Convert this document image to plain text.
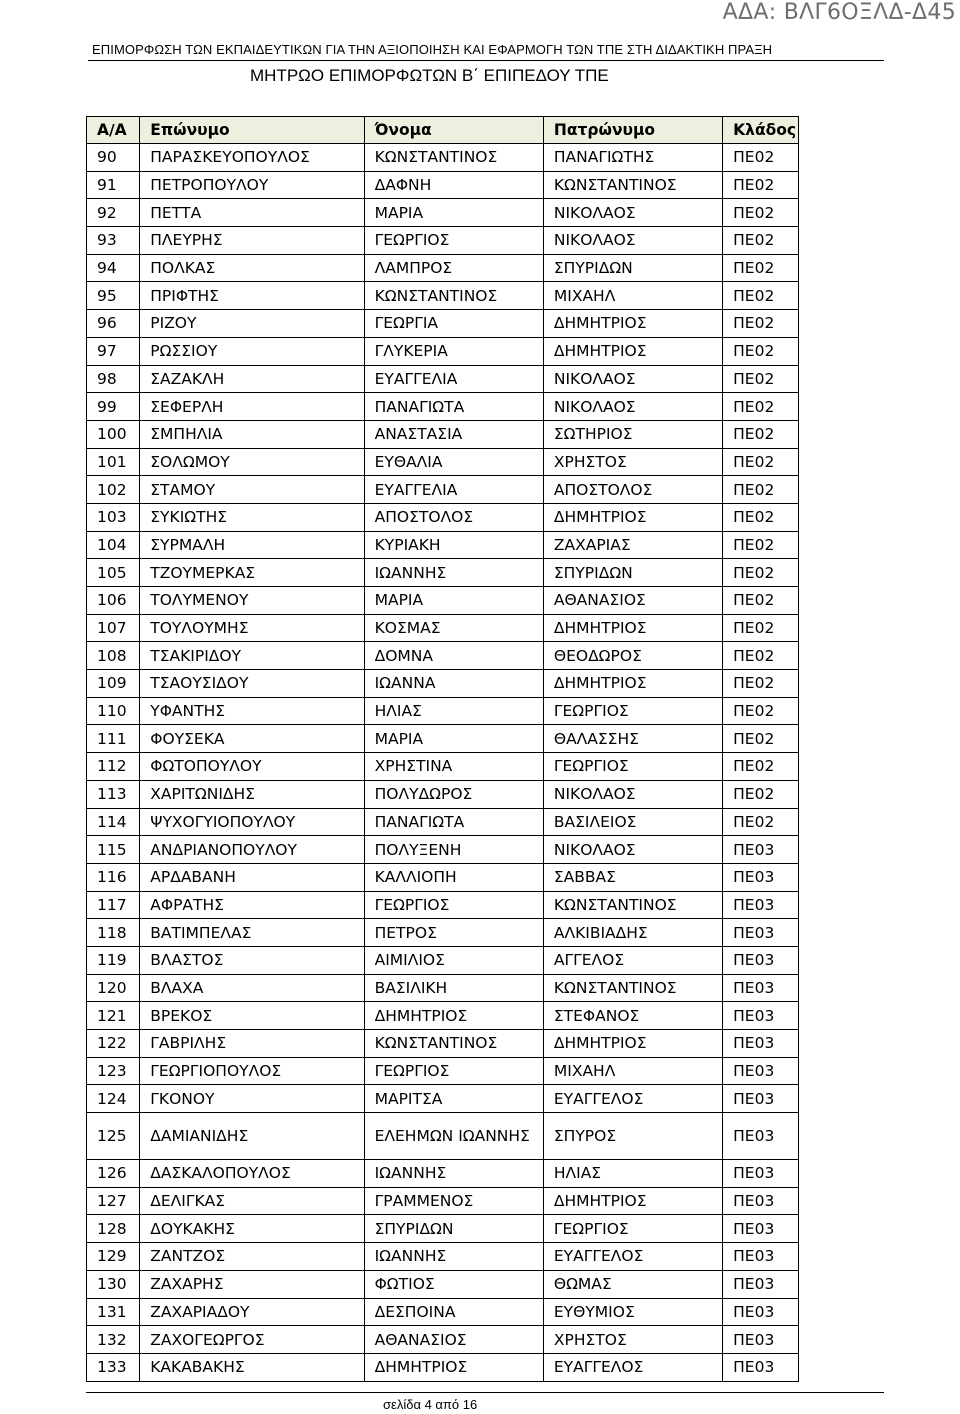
ΑΔΑ: ΒΛΓ6ΟΞΛΔ-Δ45
ΕΠΙΜΟΡΦΩΣΗ ΤΩΝ ΕΚΠΑΙΔΕΥΤΙΚΩΝ ΓΙΑ ΤΗΝ ΑΞΙΟΠΟΙΗΣΗ ΚΑΙ ΕΦΑΡΜΟΓΗ ΤΩΝ ΤΠΕ ΣΤΗ ΔΙΔΑΚΤΙΚΗ ΠΡΑΞΗ
ΜΗΤΡΩΟ ΕΠΙΜΟΡΦΩΤΩΝ Β΄ ΕΠΙΠΕΔΟΥ ΤΠΕ
Α/Α	Επώνυμο	Όνομα	Πατρώνυμο	Κλάδος
90	ΠΑΡΑΣΚΕΥΟΠΟΥΛΟΣ	ΚΩΝΣΤΑΝΤΙΝΟΣ	ΠΑΝΑΓΙΩΤΗΣ	ΠΕ02
91	ΠΕΤΡΟΠΟΥΛΟΥ	ΔΑΦΝΗ	ΚΩΝΣΤΑΝΤΙΝΟΣ	ΠΕ02
92	ΠΕΤΤΑ	ΜΑΡΙΑ	ΝΙΚΟΛΑΟΣ	ΠΕ02
93	ΠΛΕΥΡΗΣ	ΓΕΩΡΓΙΟΣ	ΝΙΚΟΛΑΟΣ	ΠΕ02
94	ΠΟΛΚΑΣ	ΛΑΜΠΡΟΣ	ΣΠΥΡΙΔΩΝ	ΠΕ02
95	ΠΡΙΦΤΗΣ	ΚΩΝΣΤΑΝΤΙΝΟΣ	ΜΙΧΑΗΛ	ΠΕ02
96	ΡΙΖΟΥ	ΓΕΩΡΓΙΑ	ΔΗΜΗΤΡΙΟΣ	ΠΕ02
97	ΡΩΣΣΙΟΥ	ΓΛΥΚΕΡΙΑ	ΔΗΜΗΤΡΙΟΣ	ΠΕ02
98	ΣΑΖΑΚΛΗ	ΕΥΑΓΓΕΛΙΑ	ΝΙΚΟΛΑΟΣ	ΠΕ02
99	ΣΕΦΕΡΛΗ	ΠΑΝΑΓΙΩΤΑ	ΝΙΚΟΛΑΟΣ	ΠΕ02
100	ΣΜΠΗΛΙΑ	ΑΝΑΣΤΑΣΙΑ	ΣΩΤΗΡΙΟΣ	ΠΕ02
101	ΣΟΛΩΜΟΥ	ΕΥΘΑΛΙΑ	ΧΡΗΣΤΟΣ	ΠΕ02
102	ΣΤΑΜΟΥ	ΕΥΑΓΓΕΛΙΑ	ΑΠΟΣΤΟΛΟΣ	ΠΕ02
103	ΣΥΚΙΩΤΗΣ	ΑΠΟΣΤΟΛΟΣ	ΔΗΜΗΤΡΙΟΣ	ΠΕ02
104	ΣΥΡΜΑΛΗ	ΚΥΡΙΑΚΗ	ΖΑΧΑΡΙΑΣ	ΠΕ02
105	ΤΖΟΥΜΕΡΚΑΣ	ΙΩΑΝΝΗΣ	ΣΠΥΡΙΔΩΝ	ΠΕ02
106	ΤΟΛΥΜΕΝΟΥ	ΜΑΡΙΑ	ΑΘΑΝΑΣΙΟΣ	ΠΕ02
107	ΤΟΥΛΟΥΜΗΣ	ΚΟΣΜΑΣ	ΔΗΜΗΤΡΙΟΣ	ΠΕ02
108	ΤΣΑΚΙΡΙΔΟΥ	ΔΟΜΝΑ	ΘΕΟΔΩΡΟΣ	ΠΕ02
109	ΤΣΑΟΥΣΙΔΟΥ	ΙΩΑΝΝΑ	ΔΗΜΗΤΡΙΟΣ	ΠΕ02
110	ΥΦΑΝΤΗΣ	ΗΛΙΑΣ	ΓΕΩΡΓΙΟΣ	ΠΕ02
111	ΦΟΥΣΕΚΑ	ΜΑΡΙΑ	ΘΑΛΑΣΣΗΣ	ΠΕ02
112	ΦΩΤΟΠΟΥΛΟΥ	ΧΡΗΣΤΙΝΑ	ΓΕΩΡΓΙΟΣ	ΠΕ02
113	ΧΑΡΙΤΩΝΙΔΗΣ	ΠΟΛΥΔΩΡΟΣ	ΝΙΚΟΛΑΟΣ	ΠΕ02
114	ΨΥΧΟΓΥΙΟΠΟΥΛΟΥ	ΠΑΝΑΓΙΩΤΑ	ΒΑΣΙΛΕΙΟΣ	ΠΕ02
115	ΑΝΔΡΙΑΝΟΠΟΥΛΟΥ	ΠΟΛΥΞΕΝΗ	ΝΙΚΟΛΑΟΣ	ΠΕ03
116	ΑΡΔΑΒΑΝΗ	ΚΑΛΛΙΟΠΗ	ΣΑΒΒΑΣ	ΠΕ03
117	ΑΦΡΑΤΗΣ	ΓΕΩΡΓΙΟΣ	ΚΩΝΣΤΑΝΤΙΝΟΣ	ΠΕ03
118	ΒΑΤΙΜΠΕΛΑΣ	ΠΕΤΡΟΣ	ΑΛΚΙΒΙΑΔΗΣ	ΠΕ03
119	ΒΛΑΣΤΟΣ	ΑΙΜΙΛΙΟΣ	ΑΓΓΕΛΟΣ	ΠΕ03
120	ΒΛΑΧΑ	ΒΑΣΙΛΙΚΗ	ΚΩΝΣΤΑΝΤΙΝΟΣ	ΠΕ03
121	ΒΡΕΚΟΣ	ΔΗΜΗΤΡΙΟΣ	ΣΤΕΦΑΝΟΣ	ΠΕ03
122	ΓΑΒΡΙΛΗΣ	ΚΩΝΣΤΑΝΤΙΝΟΣ	ΔΗΜΗΤΡΙΟΣ	ΠΕ03
123	ΓΕΩΡΓΙΟΠΟΥΛΟΣ	ΓΕΩΡΓΙΟΣ	ΜΙΧΑΗΛ	ΠΕ03
124	ΓΚΟΝΟΥ	ΜΑΡΙΤΣΑ	ΕΥΑΓΓΕΛΟΣ	ΠΕ03
125	ΔΑΜΙΑΝΙΔΗΣ	ΕΛΕΗΜΩΝ ΙΩΑΝΝΗΣ	ΣΠΥΡΟΣ	ΠΕ03
126	ΔΑΣΚΑΛΟΠΟΥΛΟΣ	ΙΩΑΝΝΗΣ	ΗΛΙΑΣ	ΠΕ03
127	ΔΕΛΙΓΚΑΣ	ΓΡΑΜΜΕΝΟΣ	ΔΗΜΗΤΡΙΟΣ	ΠΕ03
128	ΔΟΥΚΑΚΗΣ	ΣΠΥΡΙΔΩΝ	ΓΕΩΡΓΙΟΣ	ΠΕ03
129	ΖΑΝΤΖΟΣ	ΙΩΑΝΝΗΣ	ΕΥΑΓΓΕΛΟΣ	ΠΕ03
130	ΖΑΧΑΡΗΣ	ΦΩΤΙΟΣ	ΘΩΜΑΣ	ΠΕ03
131	ΖΑΧΑΡΙΑΔΟΥ	ΔΕΣΠΟΙΝΑ	ΕΥΘΥΜΙΟΣ	ΠΕ03
132	ΖΑΧΟΓΕΩΡΓΟΣ	ΑΘΑΝΑΣΙΟΣ	ΧΡΗΣΤΟΣ	ΠΕ03
133	ΚΑΚΑΒΑΚΗΣ	ΔΗΜΗΤΡΙΟΣ	ΕΥΑΓΓΕΛΟΣ	ΠΕ03
σελίδα 4 από 16
